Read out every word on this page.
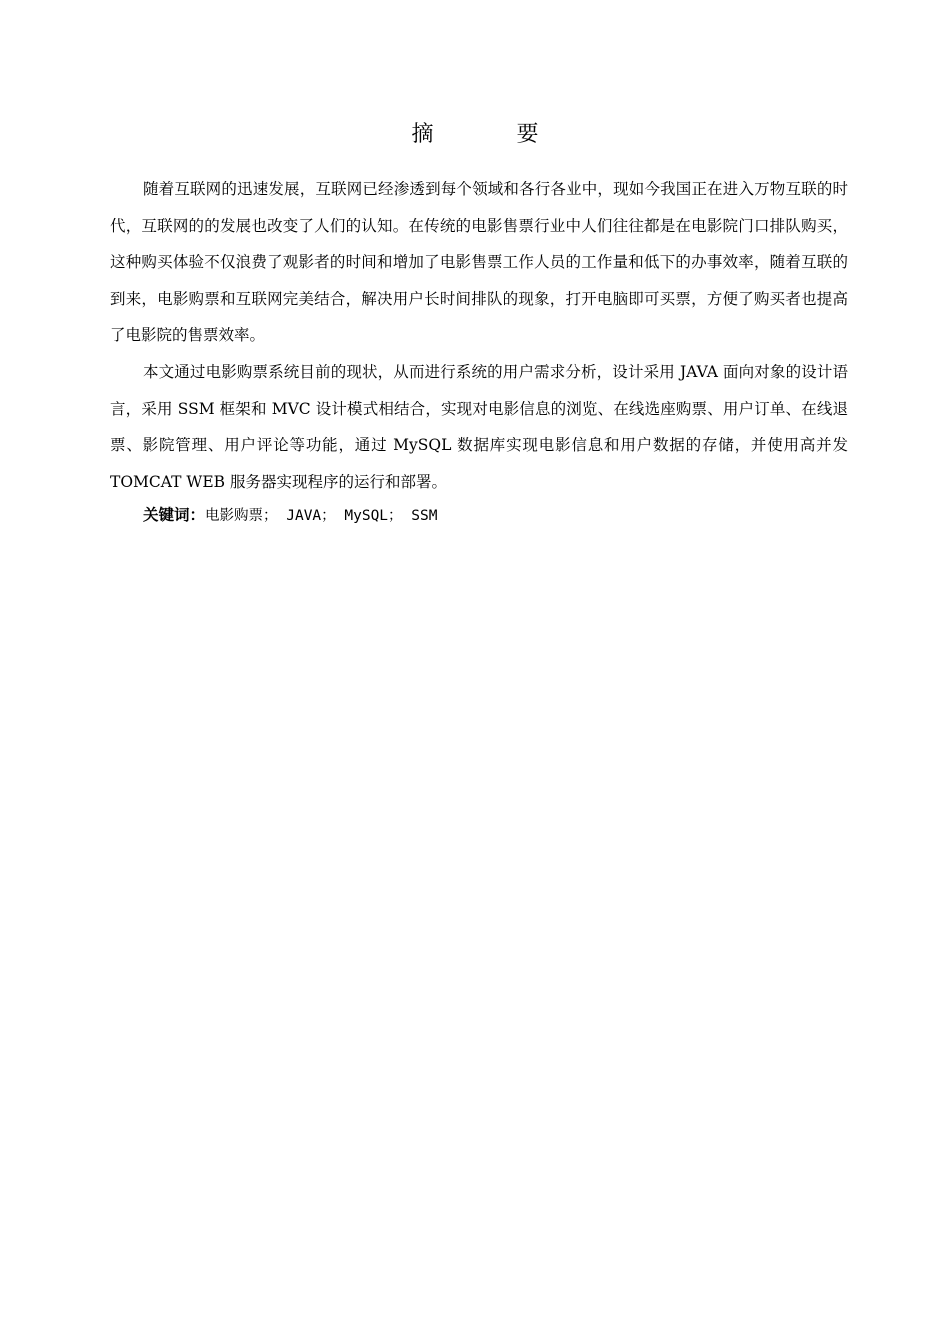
摘 要

随着互联网的迅速发展，互联网已经渗透到每个领域和各行各业中，现如今我国正在进入万物互联的时代，互联网的的发展也改变了人们的认知。在传统的电影售票行业中人们往往都是在电影院门口排队购买，这种购买体验不仅浪费了观影者的时间和增加了电影售票工作人员的工作量和低下的办事效率，随着互联的到来，电影购票和互联网完美结合，解决用户长时间排队的现象，打开电脑即可买票，方便了购买者也提高了电影院的售票效率。

本文通过电影购票系统目前的现状，从而进行系统的用户需求分析，设计采用 JAVA 面向对象的设计语言，采用 SSM 框架和 MVC 设计模式相结合，实现对电影信息的浏览、在线选座购票、用户订单、在线退票、影院管理、用户评论等功能，通过 MySQL 数据库实现电影信息和用户数据的存储，并使用高并发 TOMCAT WEB 服务器实现程序的运行和部署。

关键词：电影购票； JAVA； MySQL； SSM
